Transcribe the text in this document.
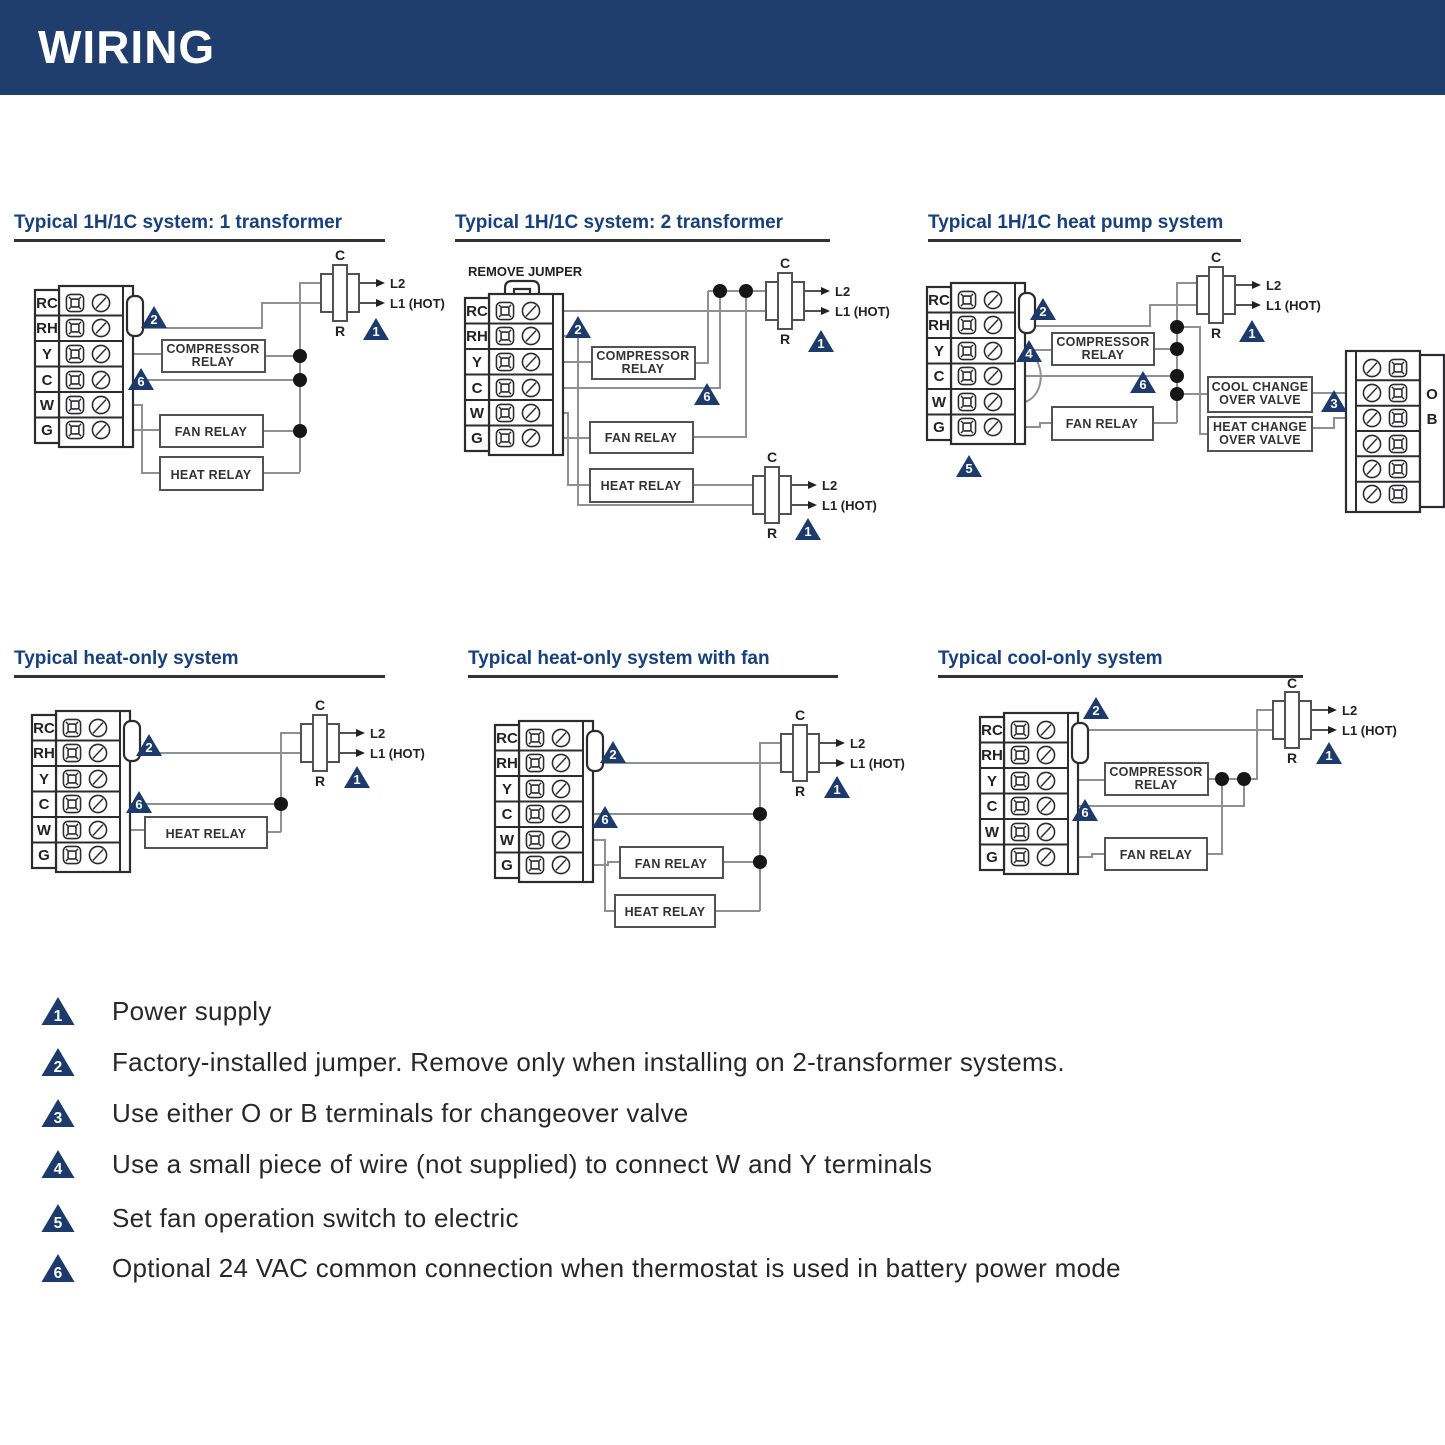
WIRING
Typical 1H/1C system: 1 transformer	Typical 1H/1C system: 2 transformer	Typical 1H/1C heat pump system
Typical heat-only system	Typical heat-only system with fan	Typical cool-only system
RC
RH
Y
C
W
G
COMPRESSOR
RELAY
FAN RELAY
HEAT RELAY
C
R
L2
L1 (HOT)
2
6
1
REMOVE JUMPER
RC
RH
Y
C
W
G
COMPRESSOR
RELAY
FAN RELAY
HEAT RELAY
C
R
L2
L1 (HOT)
C
R
L2
L1 (HOT)
2
6
1
1
RC
RH
Y
C
W
G
COMPRESSOR
RELAY
FAN RELAY
COOL CHANGE
OVER VALVE
HEAT CHANGE
OVER VALVE
C
R
L2
L1 (HOT)
O
B
2
4
6
1
3
5
RC
RH
Y
C
W
G
HEAT RELAY
C
R
L2
L1 (HOT)
2
6
1
RC
RH
Y
C
W
G	FAN RELAY
HEAT RELAY
C
R
L2
L1 (HOT)
2
6
1
RC
RH
Y
C
W
G
COMPRESSOR
RELAY
FAN RELAY
C
R
L2
L1 (HOT)
2
6
1
1 Power supply
2 Factory-installed jumper. Remove only when installing on 2-transformer systems.
3 Use either O or B terminals for changeover valve
4 Use a small piece of wire (not supplied) to connect W and Y terminals
5 Set fan operation switch to electric
6 Optional 24 VAC common connection when thermostat is used in battery power mode
